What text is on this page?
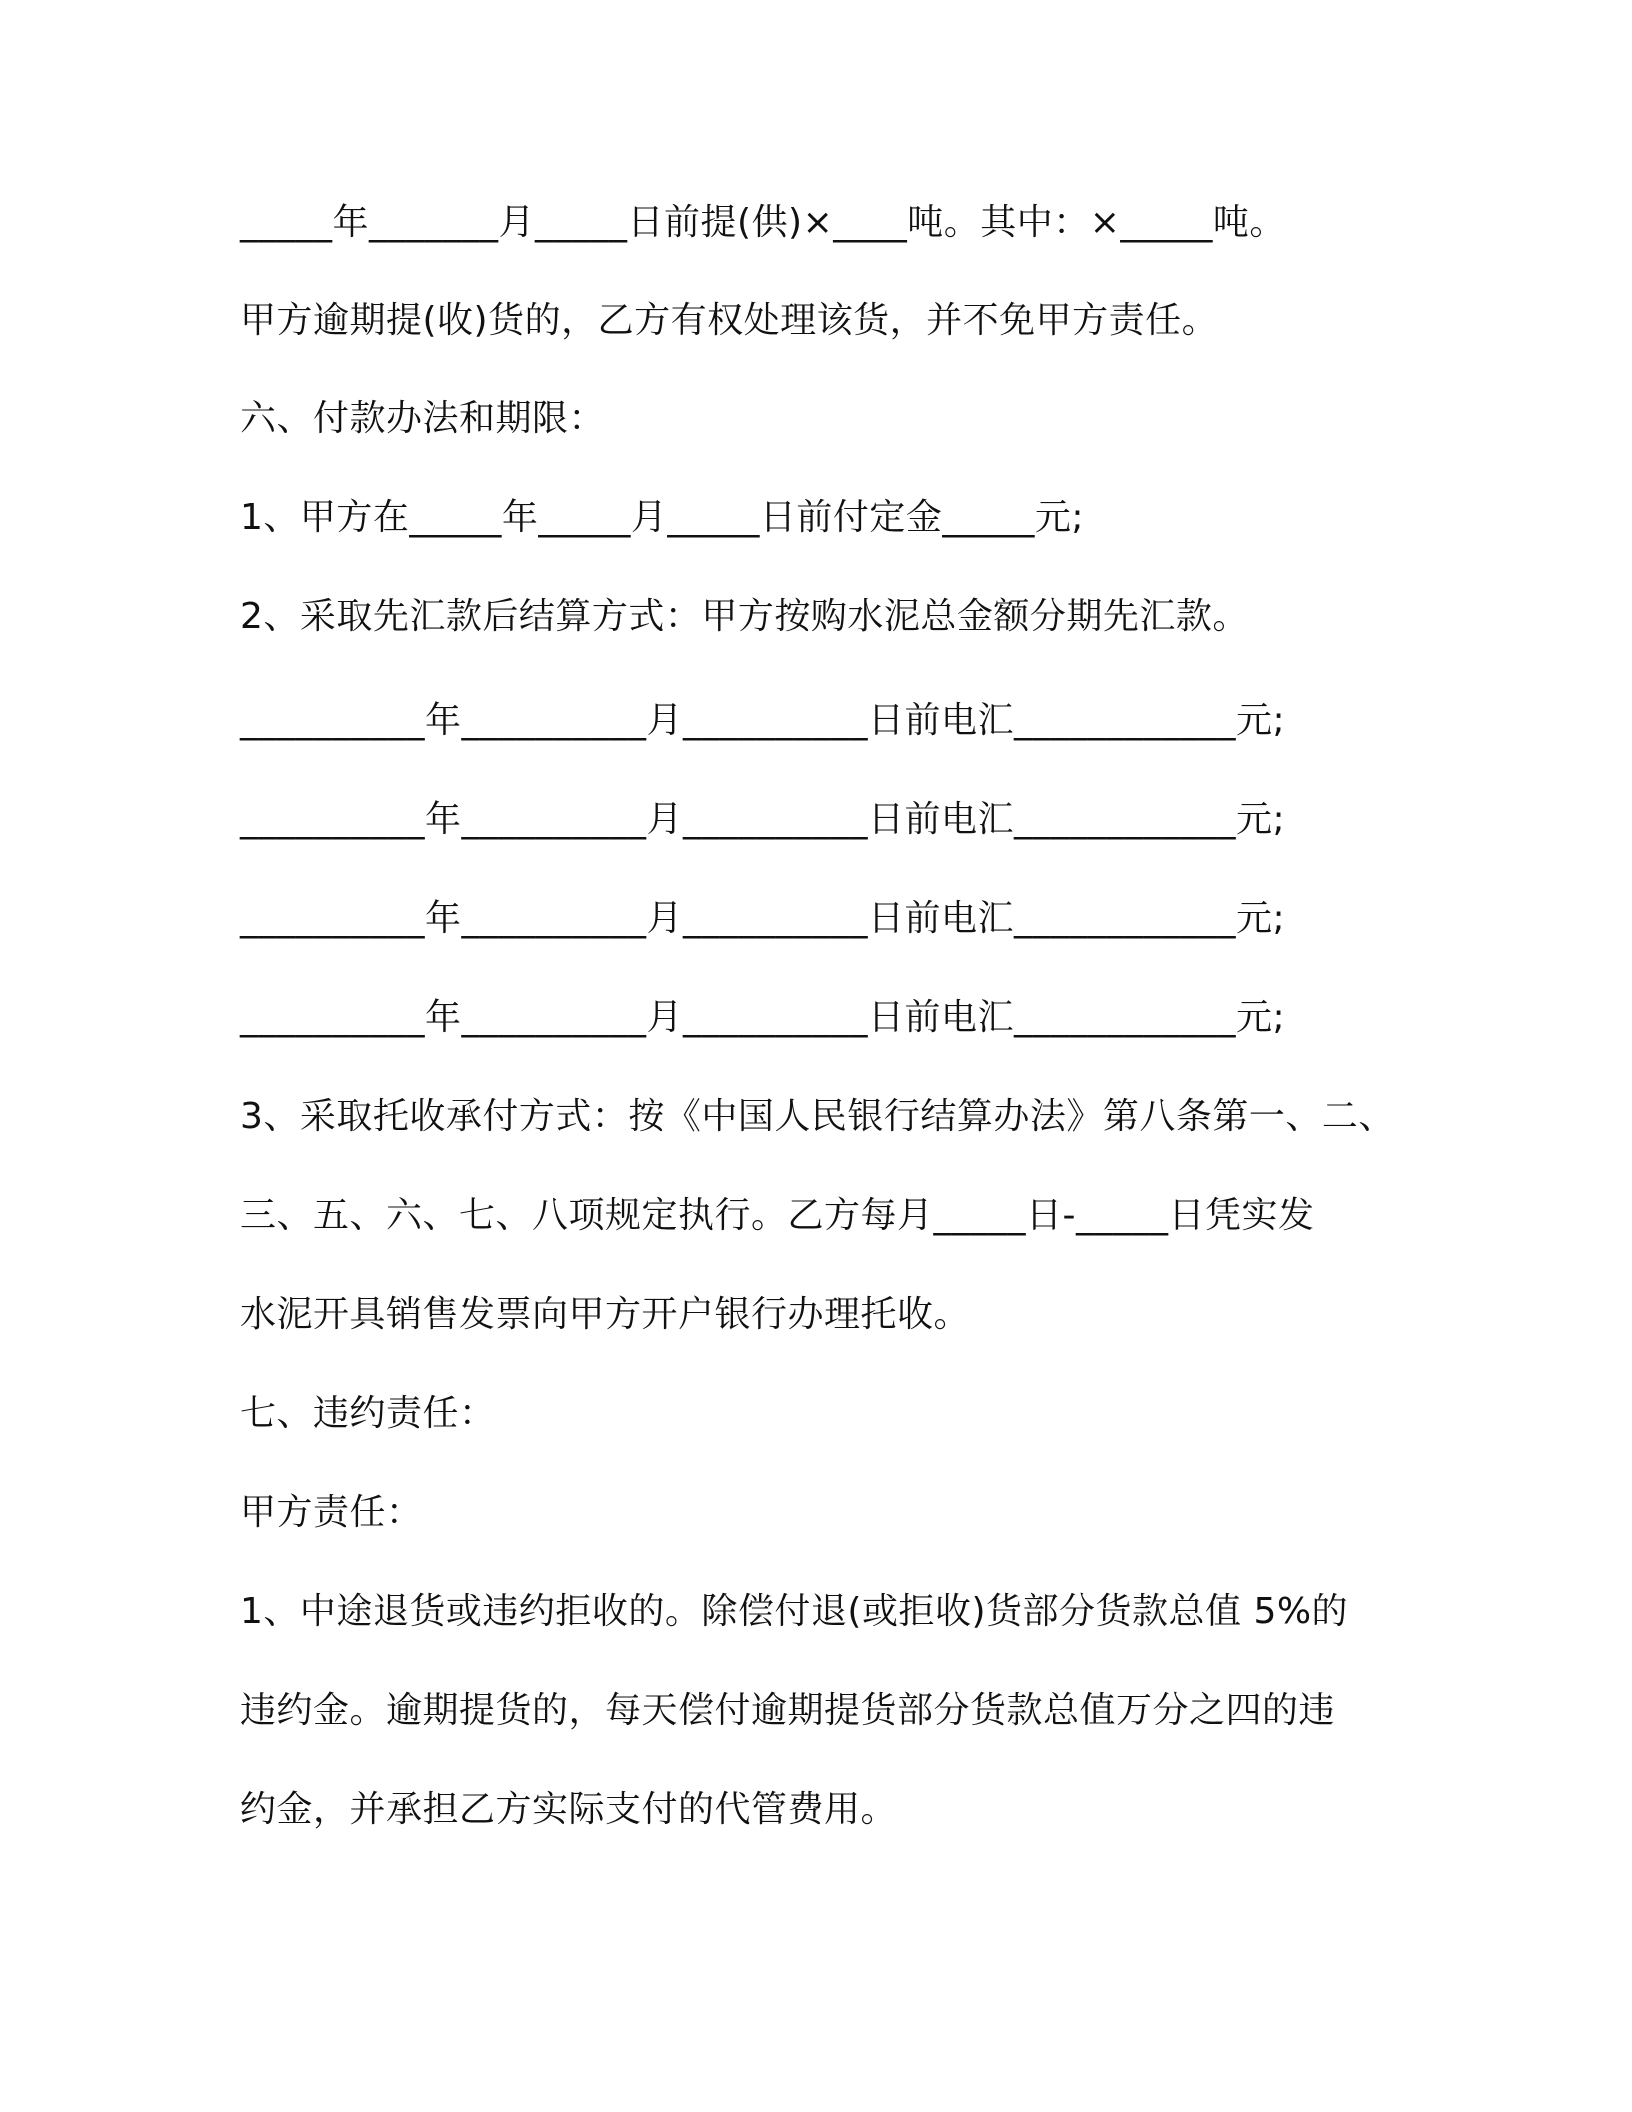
_____年_______月_____日前提(供)×____吨。其中：×_____吨。
甲方逾期提(收)货的，乙方有权处理该货，并不免甲方责任。
六、付款办法和期限：
1、甲方在_____年_____月_____日前付定金_____元;
2、采取先汇款后结算方式：甲方按购水泥总金额分期先汇款。
__________年__________月__________日前电汇____________元;
__________年__________月__________日前电汇____________元;
__________年__________月__________日前电汇____________元;
__________年__________月__________日前电汇____________元;
3、采取托收承付方式：按《中国人民银行结算办法》第八条第一、二、
三、五、六、七、八项规定执行。乙方每月_____日-_____日凭实发
水泥开具销售发票向甲方开户银行办理托收。
七、违约责任：
甲方责任：
1、中途退货或违约拒收的。除偿付退(或拒收)货部分货款总值 5%的
违约金。逾期提货的，每天偿付逾期提货部分货款总值万分之四的违
约金，并承担乙方实际支付的代管费用。
